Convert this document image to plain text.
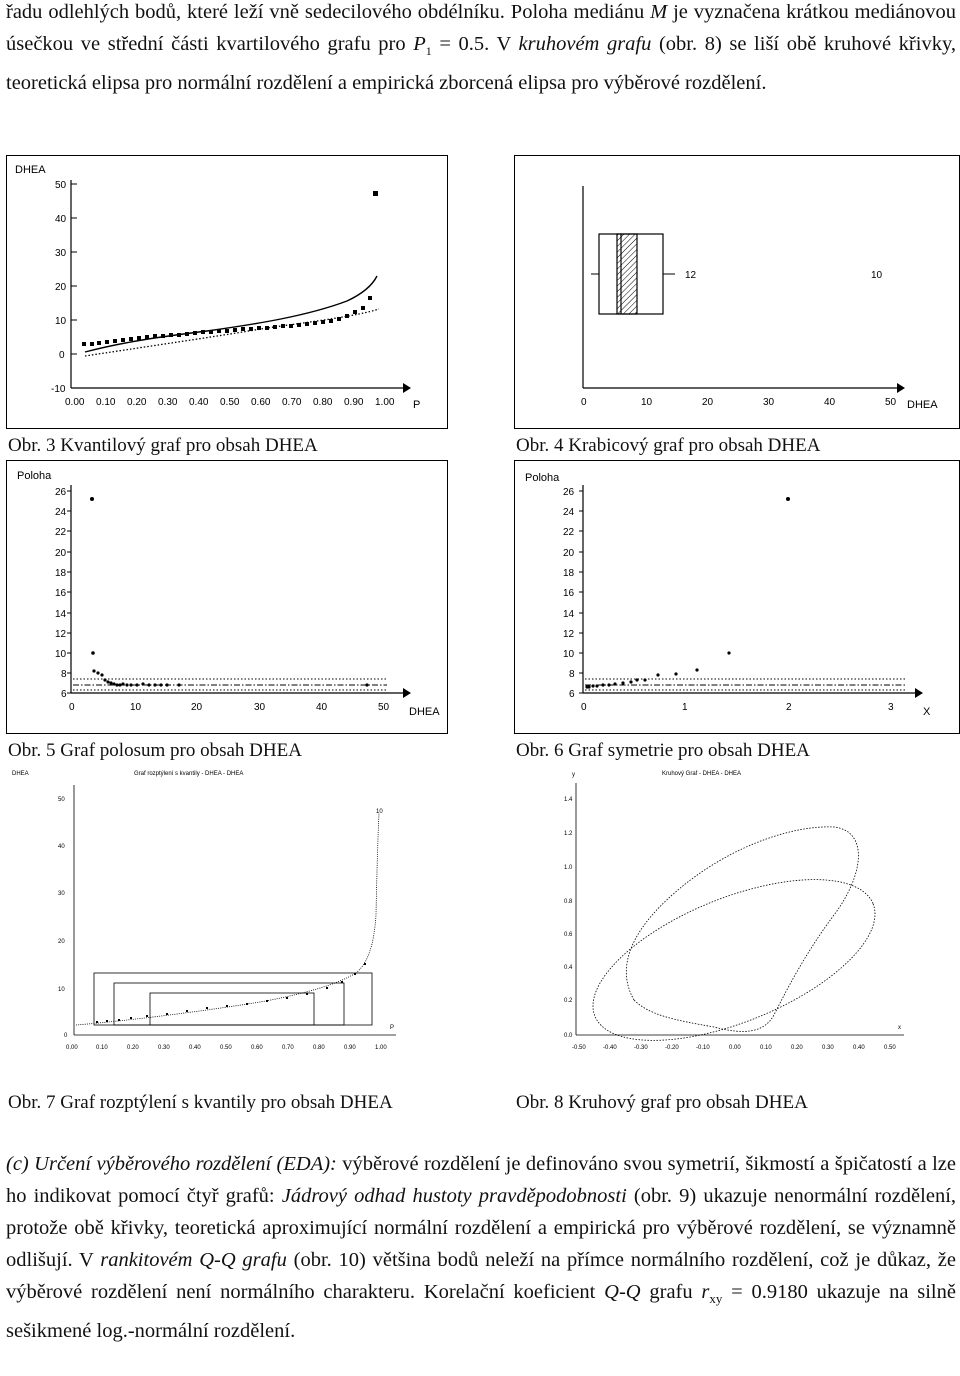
řadu odlehlých bodů, které leží vně sedecilového obdélníku. Poloha mediánu M je vyznačena krátkou mediánovou úsečkou ve střední části kvartilového grafu pro $P_1 = 0.5$. V kruhovém grafu (obr. 8) se liší obě kruhové křivky, teoretická elipsa pro normální rozdělení a empirická zborcená elipsa pro výběrové rozdělení.

DHEA
50
40
30
20
10
0
-10
P
0.00 0.10 0.20 0.30 0.40 0.50 0.60 0.70 0.80 0.90 1.00
Obr. 3 Kvantilový graf pro obsah DHEA
DHEA
0	10	20	30	40	50
12	10
Obr. 4 Krabicový graf pro obsah DHEA
Poloha
26
24
22
20
18
16
14
12
10
8
6
DHEA
0	10	20	30	40	50
Obr. 5 Graf polosum pro obsah DHEA
Poloha
26
24
22
20
18
16
14
12
10
8
6
X
0	1	2	3
Obr. 6 Graf symetrie pro obsah DHEA
DHEA	Graf rozptýlení s kvantily - DHEA - DHEA
50
40
30
20
10
0
P
0.00	0.10	0.20	0.30	0.40	0.50	0.60	0.70	0.80	0.90	1.00
10
Obr. 7 Graf rozptýlení s kvantily pro obsah DHEA
y	Kruhový Graf - DHEA - DHEA
1.4
1.2
1.0
0.8
0.6
0.4
0.2
0.0
x
-0.50	-0.40	-0.30	-0.20	-0.10	0.00	0.10	0.20	0.30	0.40	0.50
Obr. 8 Kruhový graf pro obsah DHEA

(c) Určení výběrového rozdělení (EDA): výběrové rozdělení je definováno svou symetrií, šikmostí a špičatostí a lze ho indikovat pomocí čtyř grafů: Jádrový odhad hustoty pravděpodobnosti (obr. 9) ukazuje nenormální rozdělení, protože obě křivky, teoretická aproximující normální rozdělení a empirická pro výběrové rozdělení, se významně odlišují. V rankitovém Q-Q grafu (obr. 10) většina bodů neleží na přímce normálního rozdělení, což je důkaz, že výběrové rozdělení není normálního charakteru. Korelační koeficient Q-Q grafu $r_{xy} = 0.9180$ ukazuje na silně sešikmené log.-normální rozdělení.
